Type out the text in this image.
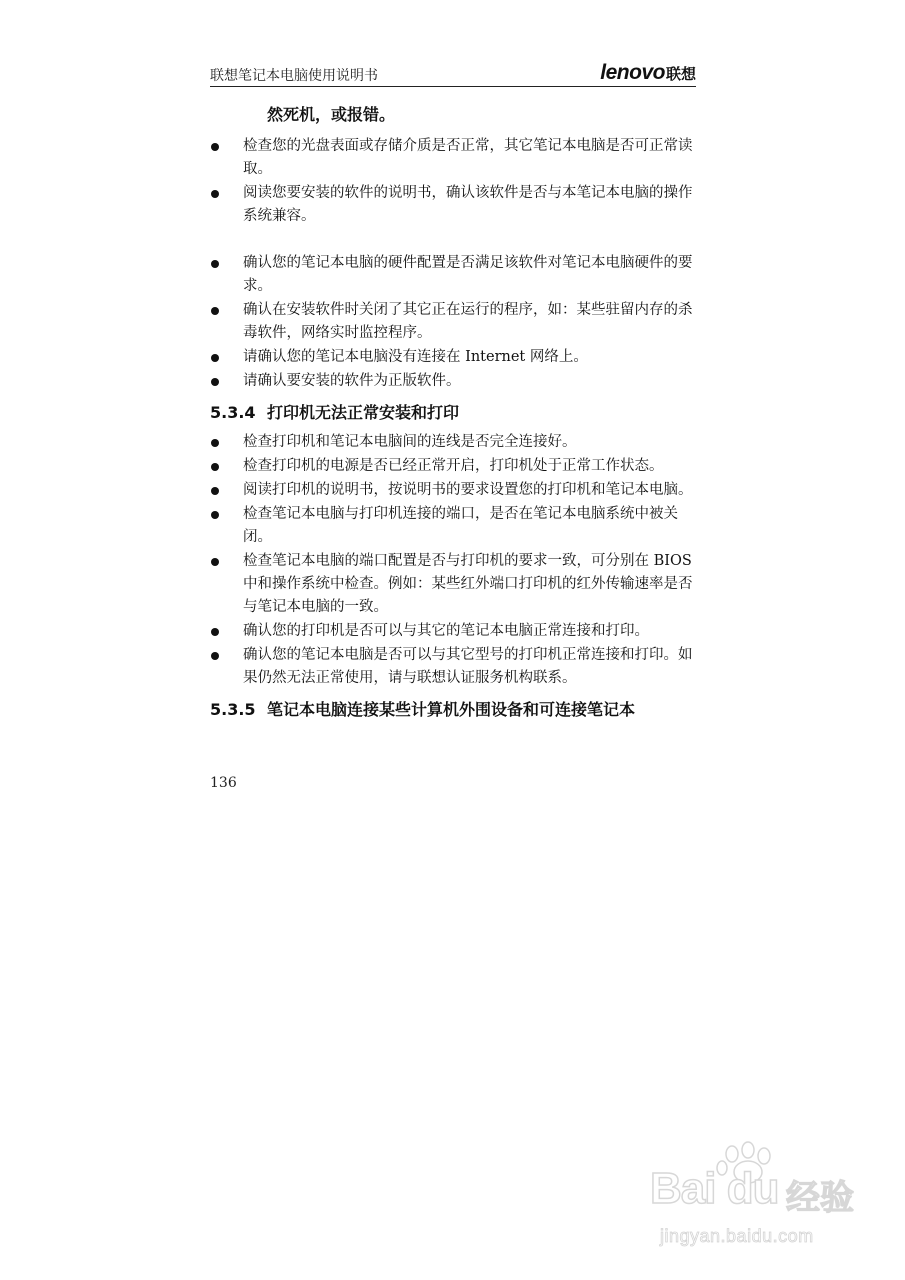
联想笔记本电脑使用说明书	lenovo 联想
然死机，或报错。
检查您的光盘表面或存储介质是否正常，其它笔记本电脑是否可正常读取。
阅读您要安装的软件的说明书，确认该软件是否与本笔记本电脑的操作系统兼容。
确认您的笔记本电脑的硬件配置是否满足该软件对笔记本电脑硬件的要求。
确认在安装软件时关闭了其它正在运行的程序，如：某些驻留内存的杀毒软件，网络实时监控程序。
请确认您的笔记本电脑没有连接在 Internet 网络上。
请确认要安装的软件为正版软件。
5.3.4 打印机无法正常安装和打印
检查打印机和笔记本电脑间的连线是否完全连接好。
检查打印机的电源是否已经正常开启，打印机处于正常工作状态。
阅读打印机的说明书，按说明书的要求设置您的打印机和笔记本电脑。
检查笔记本电脑与打印机连接的端口，是否在笔记本电脑系统中被关闭。
检查笔记本电脑的端口配置是否与打印机的要求一致，可分别在 BIOS 中和操作系统中检查。例如：某些红外端口打印机的红外传输速率是否与笔记本电脑的一致。
确认您的打印机是否可以与其它的笔记本电脑正常连接和打印。
确认您的笔记本电脑是否可以与其它型号的打印机正常连接和打印。如果仍然无法正常使用，请与联想认证服务机构联系。
5.3.5 笔记本电脑连接某些计算机外围设备和可连接笔记本
136
Bai du 经验
jingyan.baidu.com
